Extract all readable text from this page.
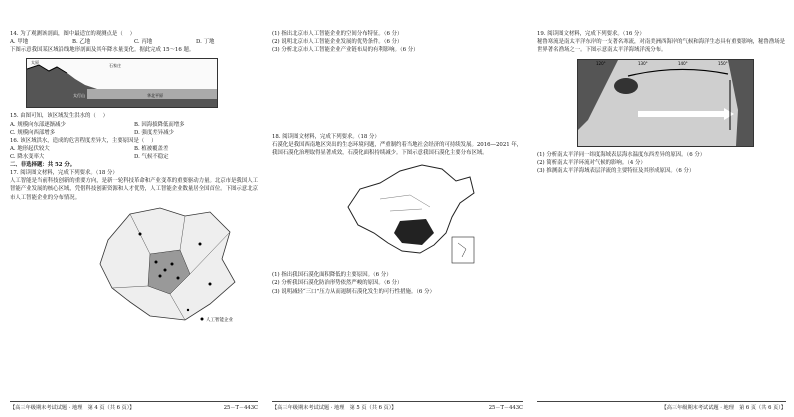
14. 为了观测该剖面，图中最适宜的观测点是（    ）

A. 甲地	B. 乙地	C. 丙地	D. 丁地

下图示意我国某区域沿线地形剖面及其年降水量变化。据此完成 15～16 题。

太原
石家庄
太行山	华北平原

15. 由图可知，该区域发生洪水的（    ）

A. 规模向东部逐渐减少	B. 因海拔降低而增多
C. 规模向西部增多	D. 强度差异减少

16. 该区域洪水，造成的危害程度差异大，主要原因是（    ）

A. 地形起伏较大	B. 植被覆盖差
C. 降水变率大	D. 气候不稳定

二、非选择题：共 52 分。

17. 阅读图文材料，完成下列要求。（18 分）

人工智能是当前科技创新的重要方向，是新一轮科技革命和产业变革的重要驱动力量。北京市是我国人工智能产业发展的核心区域，凭借科技创新资源和人才优势，人工智能企业数量居全国首位。下图示意北京市人工智能企业的分布情况。

人工智能企业
【高三年级期末考试试题 · 地理　第 4 页（共 6 页）】	25－T－443C

(1) 指出北京市人工智能企业的空间分布特征。（6 分）

(2) 说明北京市人工智能企业发展的优势条件。（6 分）

(3) 分析北京市人工智能企业产业链布局的有利影响。（6 分）

18. 阅读图文材料，完成下列要求。（18 分）

石漠化是我国西南地区突出的生态环境问题，严重制约着当地社会经济的可持续发展。2016—2021 年，我国石漠化治理取得显著成效，石漠化面积持续减少。下图示意我国石漠化主要分布区域。

(1) 指出我国石漠化面积降低的主要原因。（6 分）

(2) 分析我国石漠化防治形势依然严峻的原因。（6 分）

(3) 说明减轻“三口”压力从而遏制石漠化发生的可行性措施。（6 分）

【高三年级期末考试试题 · 地理　第 5 页（共 6 页）】	25－T－443C

19. 阅读图文材料，完成下列要求。（16 分）

秘鲁寒流是南太平洋东岸的一支著名寒流，对南美洲西海岸的气候和海洋生态具有重要影响，秘鲁渔场是世界著名渔场之一。下图示意南太平洋海域洋流分布。

120°	130°	140°	150°

(1) 分析南太平洋同一纬度海域表层海水温度东西差异的原因。（6 分）

(2) 简析南太平洋环流对气候的影响。（4 分）

(3) 推测南太平洋海域表层洋流的主要特征及其形成原因。（6 分）

【高三年级期末考试试题 · 地理　第 6 页（共 6 页）】
